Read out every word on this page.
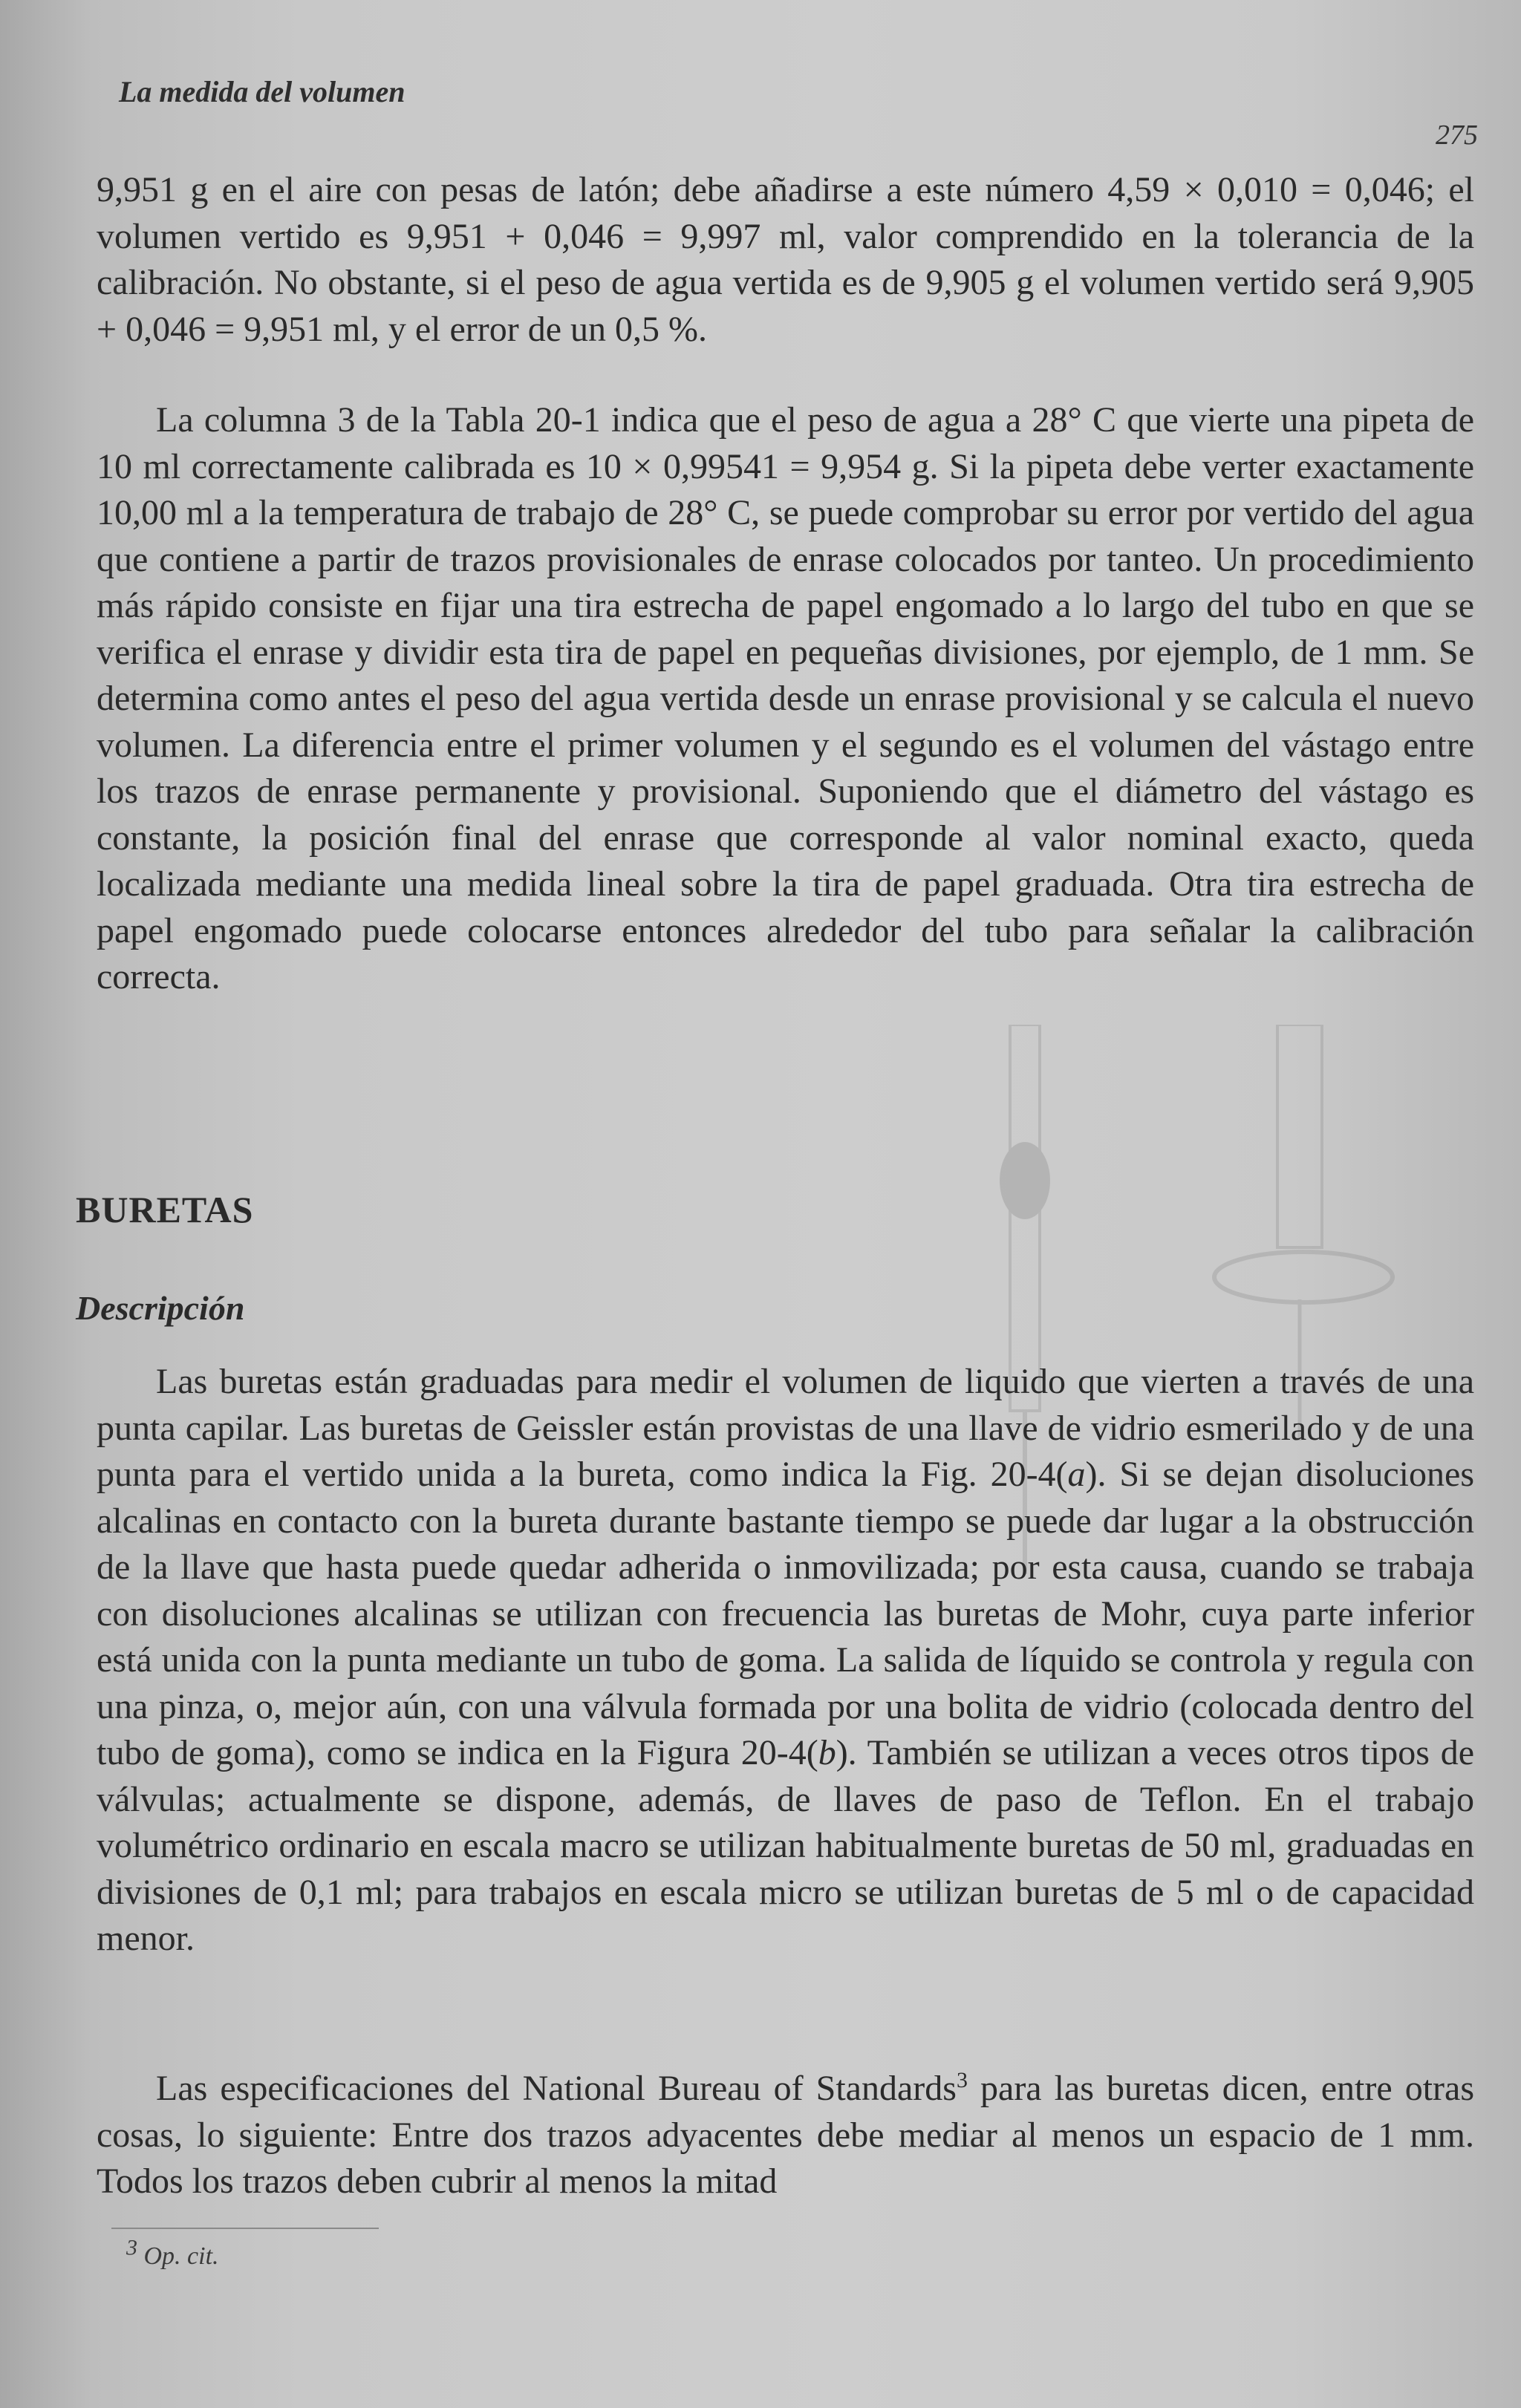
La medida del volumen
275

9,951 g en el aire con pesas de latón; debe añadirse a este número 4,59 × 0,010 = 0,046; el volumen vertido es 9,951 + 0,046 = 9,997 ml, valor comprendido en la tolerancia de la calibración. No obstante, si el peso de agua vertida es de 9,905 g el volumen vertido será 9,905 + 0,046 = 9,951 ml, y el error de un 0,5 %.

La columna 3 de la Tabla 20-1 indica que el peso de agua a 28° C que vierte una pipeta de 10 ml correctamente calibrada es 10 × 0,99541 = 9,954 g. Si la pipeta debe verter exactamente 10,00 ml a la temperatura de trabajo de 28° C, se puede comprobar su error por vertido del agua que contiene a partir de trazos provisionales de enrase colocados por tanteo. Un procedimiento más rápido consiste en fijar una tira estrecha de papel engomado a lo largo del tubo en que se verifica el enrase y dividir esta tira de papel en pequeñas divisiones, por ejemplo, de 1 mm. Se determina como antes el peso del agua vertida desde un enrase provisional y se calcula el nuevo volumen. La diferencia entre el primer volumen y el segundo es el volumen del vástago entre los trazos de enrase permanente y provisional. Suponiendo que el diámetro del vástago es constante, la posición final del enrase que corresponde al valor nominal exacto, queda localizada mediante una medida lineal sobre la tira de papel graduada. Otra tira estrecha de papel engomado puede colocarse entonces alrededor del tubo para señalar la calibración correcta.

BURETAS
Descripción

Las buretas están graduadas para medir el volumen de liquido que vierten a través de una punta capilar. Las buretas de Geissler están provistas de una llave de vidrio esmerilado y de una punta para el vertido unida a la bureta, como indica la Fig. 20-4(a). Si se dejan disoluciones alcalinas en contacto con la bureta durante bastante tiempo se puede dar lugar a la obstrucción de la llave que hasta puede quedar adherida o inmovilizada; por esta causa, cuando se trabaja con disoluciones alcalinas se utilizan con frecuencia las buretas de Mohr, cuya parte inferior está unida con la punta mediante un tubo de goma. La salida de líquido se controla y regula con una pinza, o, mejor aún, con una válvula formada por una bolita de vidrio (colocada dentro del tubo de goma), como se indica en la Figura 20-4(b). También se utilizan a veces otros tipos de válvulas; actualmente se dispone, además, de llaves de paso de Teflon. En el trabajo volumétrico ordinario en escala macro se utilizan habitualmente buretas de 50 ml, graduadas en divisiones de 0,1 ml; para trabajos en escala micro se utilizan buretas de 5 ml o de capacidad menor.

Las especificaciones del National Bureau of Standards$^3$ para las buretas dicen, entre otras cosas, lo siguiente: Entre dos trazos adyacentes debe mediar al menos un espacio de 1 mm. Todos los trazos deben cubrir al menos la mitad

$^3$ Op. cit.
